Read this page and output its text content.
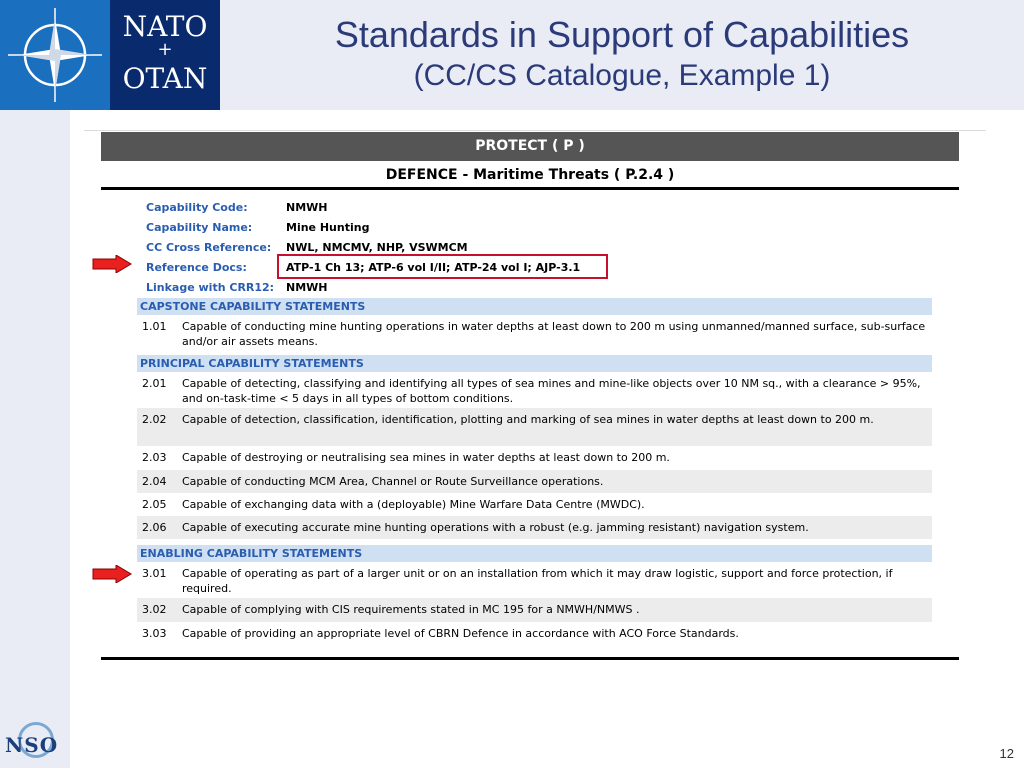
NATO
+
OTAN
Standards in Support of Capabilities
(CC/CS Catalogue, Example 1)
NSO	12
PROTECT ( P )
DEFENCE - Maritime Threats ( P.2.4 )
Capability Code:	NMWH
Capability Name:	Mine Hunting
CC Cross Reference: NWL, NMCMV, NHP, VSWMCM
Reference Docs:	ATP-1 Ch 13; ATP-6 vol I/II; ATP-24 vol I; AJP-3.1
Linkage with CRR12: NMWH
CAPSTONE CAPABILITY STATEMENTS
1.01 Capable of conducting mine hunting operations in water depths at least down to 200 m using unmanned/manned surface, sub-surface and/or air assets means.
PRINCIPAL CAPABILITY STATEMENTS
2.01 Capable of detecting, classifying and identifying all types of sea mines and mine-like objects over 10 NM sq., with a clearance > 95%, and on-task-time < 5 days in all types of bottom conditions.
2.02 Capable of detection, classification, identification, plotting and marking of sea mines in water depths at least down to 200 m.
2.03 Capable of destroying or neutralising sea mines in water depths at least down to 200 m.
2.04 Capable of conducting MCM Area, Channel or Route Surveillance operations.
2.05 Capable of exchanging data with a (deployable) Mine Warfare Data Centre (MWDC).
2.06 Capable of executing accurate mine hunting operations with a robust (e.g. jamming resistant) navigation system.
ENABLING CAPABILITY STATEMENTS
3.01 Capable of operating as part of a larger unit or on an installation from which it may draw logistic, support and force protection, if required.
3.02 Capable of complying with CIS requirements stated in MC 195 for a NMWH/NMWS .
3.03 Capable of providing an appropriate level of CBRN Defence in accordance with ACO Force Standards.
